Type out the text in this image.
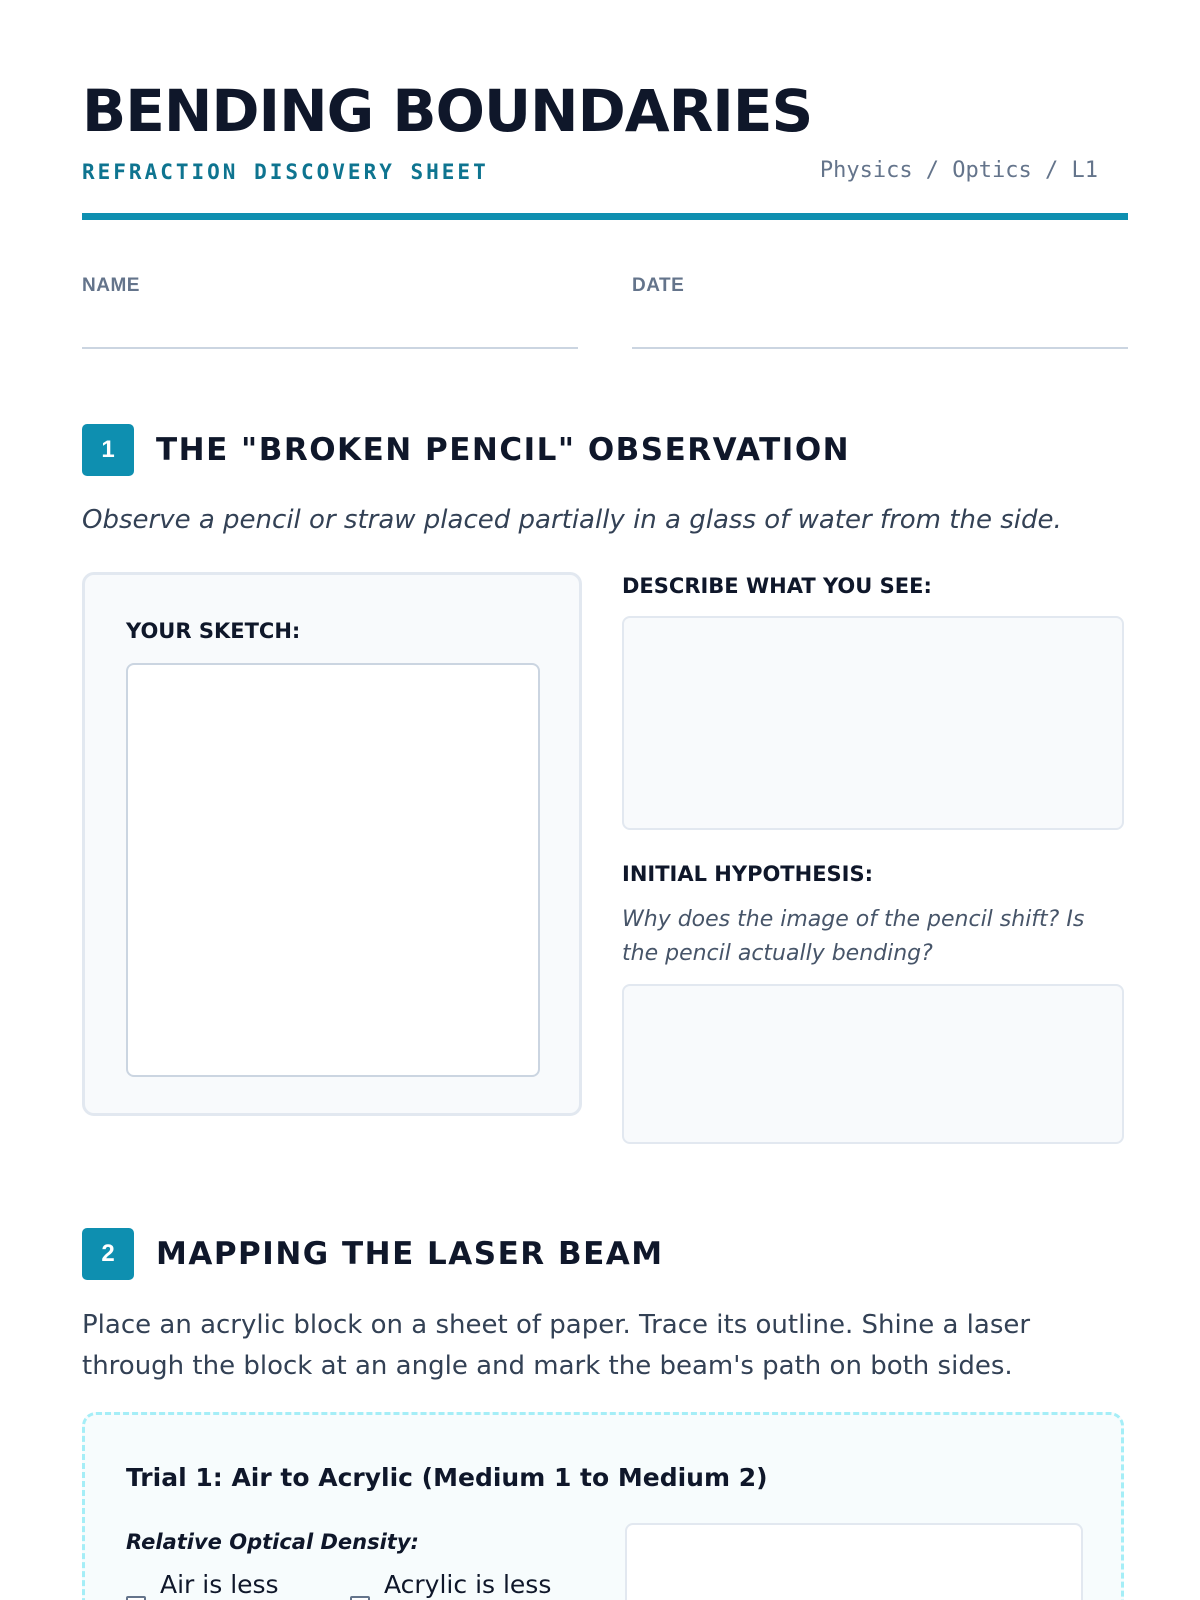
BENDING BOUNDARIES
REFRACTION DISCOVERY SHEET	Physics / Optics / L1
NAME	DATE
1	THE "BROKEN PENCIL" OBSERVATION
Observe a pencil or straw placed partially in a glass of water from the side.
YOUR SKETCH:
DESCRIBE WHAT YOU SEE:
INITIAL HYPOTHESIS:
Why does the image of the pencil shift? Is the pencil actually bending?
2	MAPPING THE LASER BEAM
Place an acrylic block on a sheet of paper. Trace its outline. Shine a laser through the block at an angle and mark the beam's path on both sides.
Trial 1: Air to Acrylic (Medium 1 to Medium 2)
Relative Optical Density:
Air is less	Acrylic is less
